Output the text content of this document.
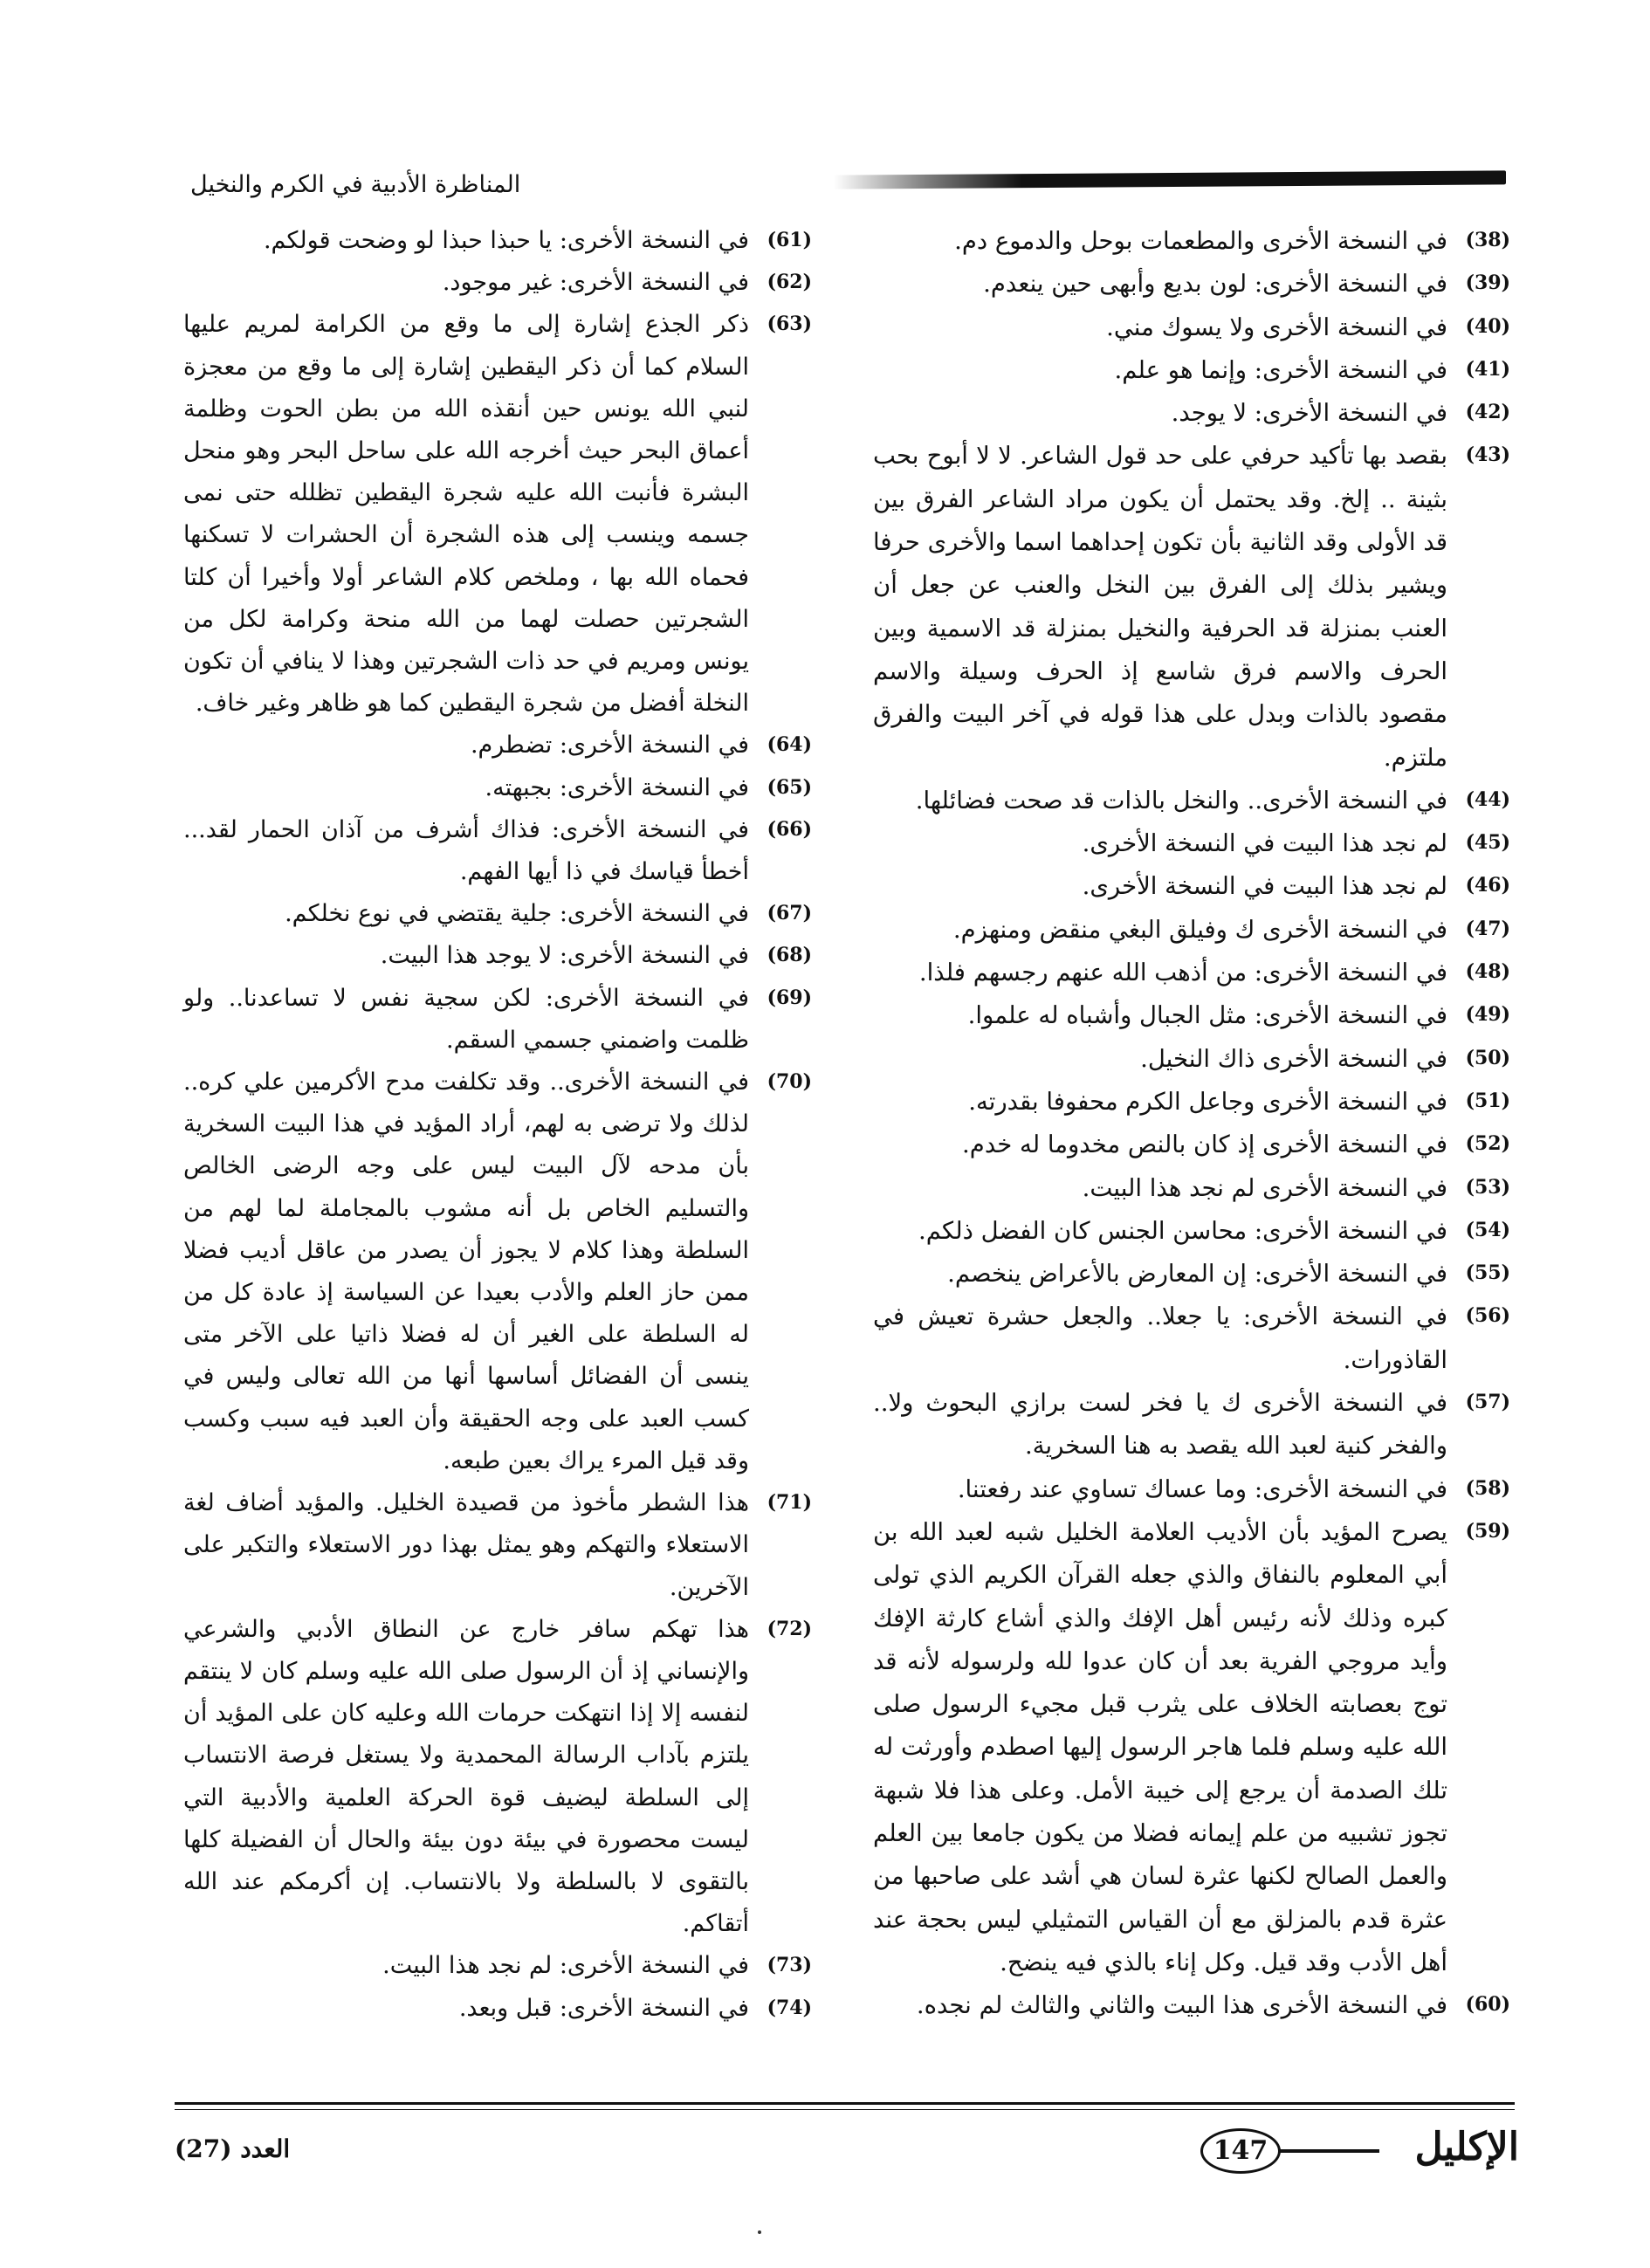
المناظرة الأدبية في الكرم والنخيل
(38)
في النسخة الأخرى والمطعمات بوحل والدموع دم.
(39)
في النسخة الأخرى: لون بديع وأبهى حين ينعدم.
(40)
في النسخة الأخرى ولا يسوك مني.
(41)
في النسخة الأخرى: وإنما هو علم.
(42)
في النسخة الأخرى: لا يوجد.
(43)
بقصد بها تأكيد حرفي على حد قول الشاعر. لا لا أبوح بحب بثينة .. إلخ. وقد يحتمل أن يكون مراد الشاعر الفرق بين قد الأولى وقد الثانية بأن تكون إحداهما اسما والأخرى حرفا ويشير بذلك إلى الفرق بين النخل والعنب عن جعل أن العنب بمنزلة قد الحرفية والنخيل بمنزلة قد الاسمية وبين الحرف والاسم فرق شاسع إذ الحرف وسيلة والاسم مقصود بالذات وبدل على هذا قوله في آخر البيت والفرق ملتزم.
(44)
في النسخة الأخرى.. والنخل بالذات قد صحت فضائلها.
(45)
لم نجد هذا البيت في النسخة الأخرى.
(46)
لم نجد هذا البيت في النسخة الأخرى.
(47)
في النسخة الأخرى ك وفيلق البغي منقض ومنهزم.
(48)
في النسخة الأخرى: من أذهب الله عنهم رجسهم فلذا.
(49)
في النسخة الأخرى: مثل الجبال وأشباه له علموا.
(50)
في النسخة الأخرى ذاك النخيل.
(51)
في النسخة الأخرى وجاعل الكرم محفوفا بقدرته.
(52)
في النسخة الأخرى إذ كان بالنص مخدوما له خدم.
(53)
في النسخة الأخرى لم نجد هذا البيت.
(54)
في النسخة الأخرى: محاسن الجنس كان الفضل ذلكم.
(55)
في النسخة الأخرى: إن المعارض بالأعراض ينخصم.
(56)
في النسخة الأخرى: يا جعلا.. والجعل حشرة تعيش في القاذورات.
(57)
في النسخة الأخرى ك يا فخر لست برازي البحوث ولا.. والفخر كنية لعبد الله يقصد به هنا السخرية.
(58)
في النسخة الأخرى: وما عساك تساوي عند رفعتنا.
(59)
يصرح المؤيد بأن الأديب العلامة الخليل شبه لعبد الله بن أبي المعلوم بالنفاق والذي جعله القرآن الكريم الذي تولى كبره وذلك لأنه رئيس أهل الإفك والذي أشاع كارثة الإفك وأيد مروجي الفرية بعد أن كان عدوا لله ولرسوله لأنه قد توج بعصابته الخلاف على يثرب قبل مجيء الرسول صلى الله عليه وسلم فلما هاجر الرسول إليها اصطدم وأورثت له تلك الصدمة أن يرجع إلى خيبة الأمل. وعلى هذا فلا شبهة تجوز تشبيه من علم إيمانه فضلا من يكون جامعا بين العلم والعمل الصالح لكنها عثرة لسان هي أشد على صاحبها من عثرة قدم بالمزلق مع أن القياس التمثيلي ليس بحجة عند أهل الأدب وقد قيل. وكل إناء بالذي فيه ينضح.
(60)
في النسخة الأخرى هذا البيت والثاني والثالث لم نجده.
(61)
في النسخة الأخرى: يا حبذا حبذا لو وضحت قولكم.
(62)
في النسخة الأخرى: غير موجود.
(63)
ذكر الجذع إشارة إلى ما وقع من الكرامة لمريم عليها السلام كما أن ذكر اليقطين إشارة إلى ما وقع من معجزة لنبي الله يونس حين أنقذه الله من بطن الحوت وظلمة أعماق البحر حيث أخرجه الله على ساحل البحر وهو منحل البشرة فأنبت الله عليه شجرة اليقطين تظلله حتى نمى جسمه وينسب إلى هذه الشجرة أن الحشرات لا تسكنها فحماه الله بها ، وملخص كلام الشاعر أولا وأخيرا أن كلتا الشجرتين حصلت لهما من الله منحة وكرامة لكل من يونس ومريم في حد ذات الشجرتين وهذا لا ينافي أن تكون النخلة أفضل من شجرة اليقطين كما هو ظاهر وغير خاف.
(64)
في النسخة الأخرى: تضطرم.
(65)
في النسخة الأخرى: بجبهته.
(66)
في النسخة الأخرى: فذاك أشرف من آذان الحمار لقد... أخطأ قياسك في ذا أيها الفهم.
(67)
في النسخة الأخرى: جلية يقتضي في نوع نخلكم.
(68)
في النسخة الأخرى: لا يوجد هذا البيت.
(69)
في النسخة الأخرى: لكن سجية نفس لا تساعدنا.. ولو ظلمت واضمني جسمي السقم.
(70)
في النسخة الأخرى.. وقد تكلفت مدح الأكرمين علي كره.. لذلك ولا ترضى به لهم، أراد المؤيد في هذا البيت السخرية بأن مدحه لآل البيت ليس على وجه الرضى الخالص والتسليم الخاص بل أنه مشوب بالمجاملة لما لهم من السلطة وهذا كلام لا يجوز أن يصدر من عاقل أديب فضلا ممن حاز العلم والأدب بعيدا عن السياسة إذ عادة كل من له السلطة على الغير أن له فضلا ذاتيا على الآخر متى ينسى أن الفضائل أساسها أنها من الله تعالى وليس في كسب العبد على وجه الحقيقة وأن العبد فيه سبب وكسب وقد قيل المرء يراك بعين طبعه.
(71)
هذا الشطر مأخوذ من قصيدة الخليل. والمؤيد أضاف لغة الاستعلاء والتهكم وهو يمثل بهذا دور الاستعلاء والتكبر على الآخرين.
(72)
هذا تهكم سافر خارج عن النطاق الأدبي والشرعي والإنساني إذ أن الرسول صلى الله عليه وسلم كان لا ينتقم لنفسه إلا إذا انتهكت حرمات الله وعليه كان على المؤيد أن يلتزم بآداب الرسالة المحمدية ولا يستغل فرصة الانتساب إلى السلطة ليضيف قوة الحركة العلمية والأدبية التي ليست محصورة في بيئة دون بيئة والحال أن الفضيلة كلها بالتقوى لا بالسلطة ولا بالانتساب. إن أكرمكم عند الله أتقاكم.
(73)
في النسخة الأخرى: لم نجد هذا البيت.
(74)
في النسخة الأخرى: قبل وبعد.
الإكليل
147
العدد (27)
